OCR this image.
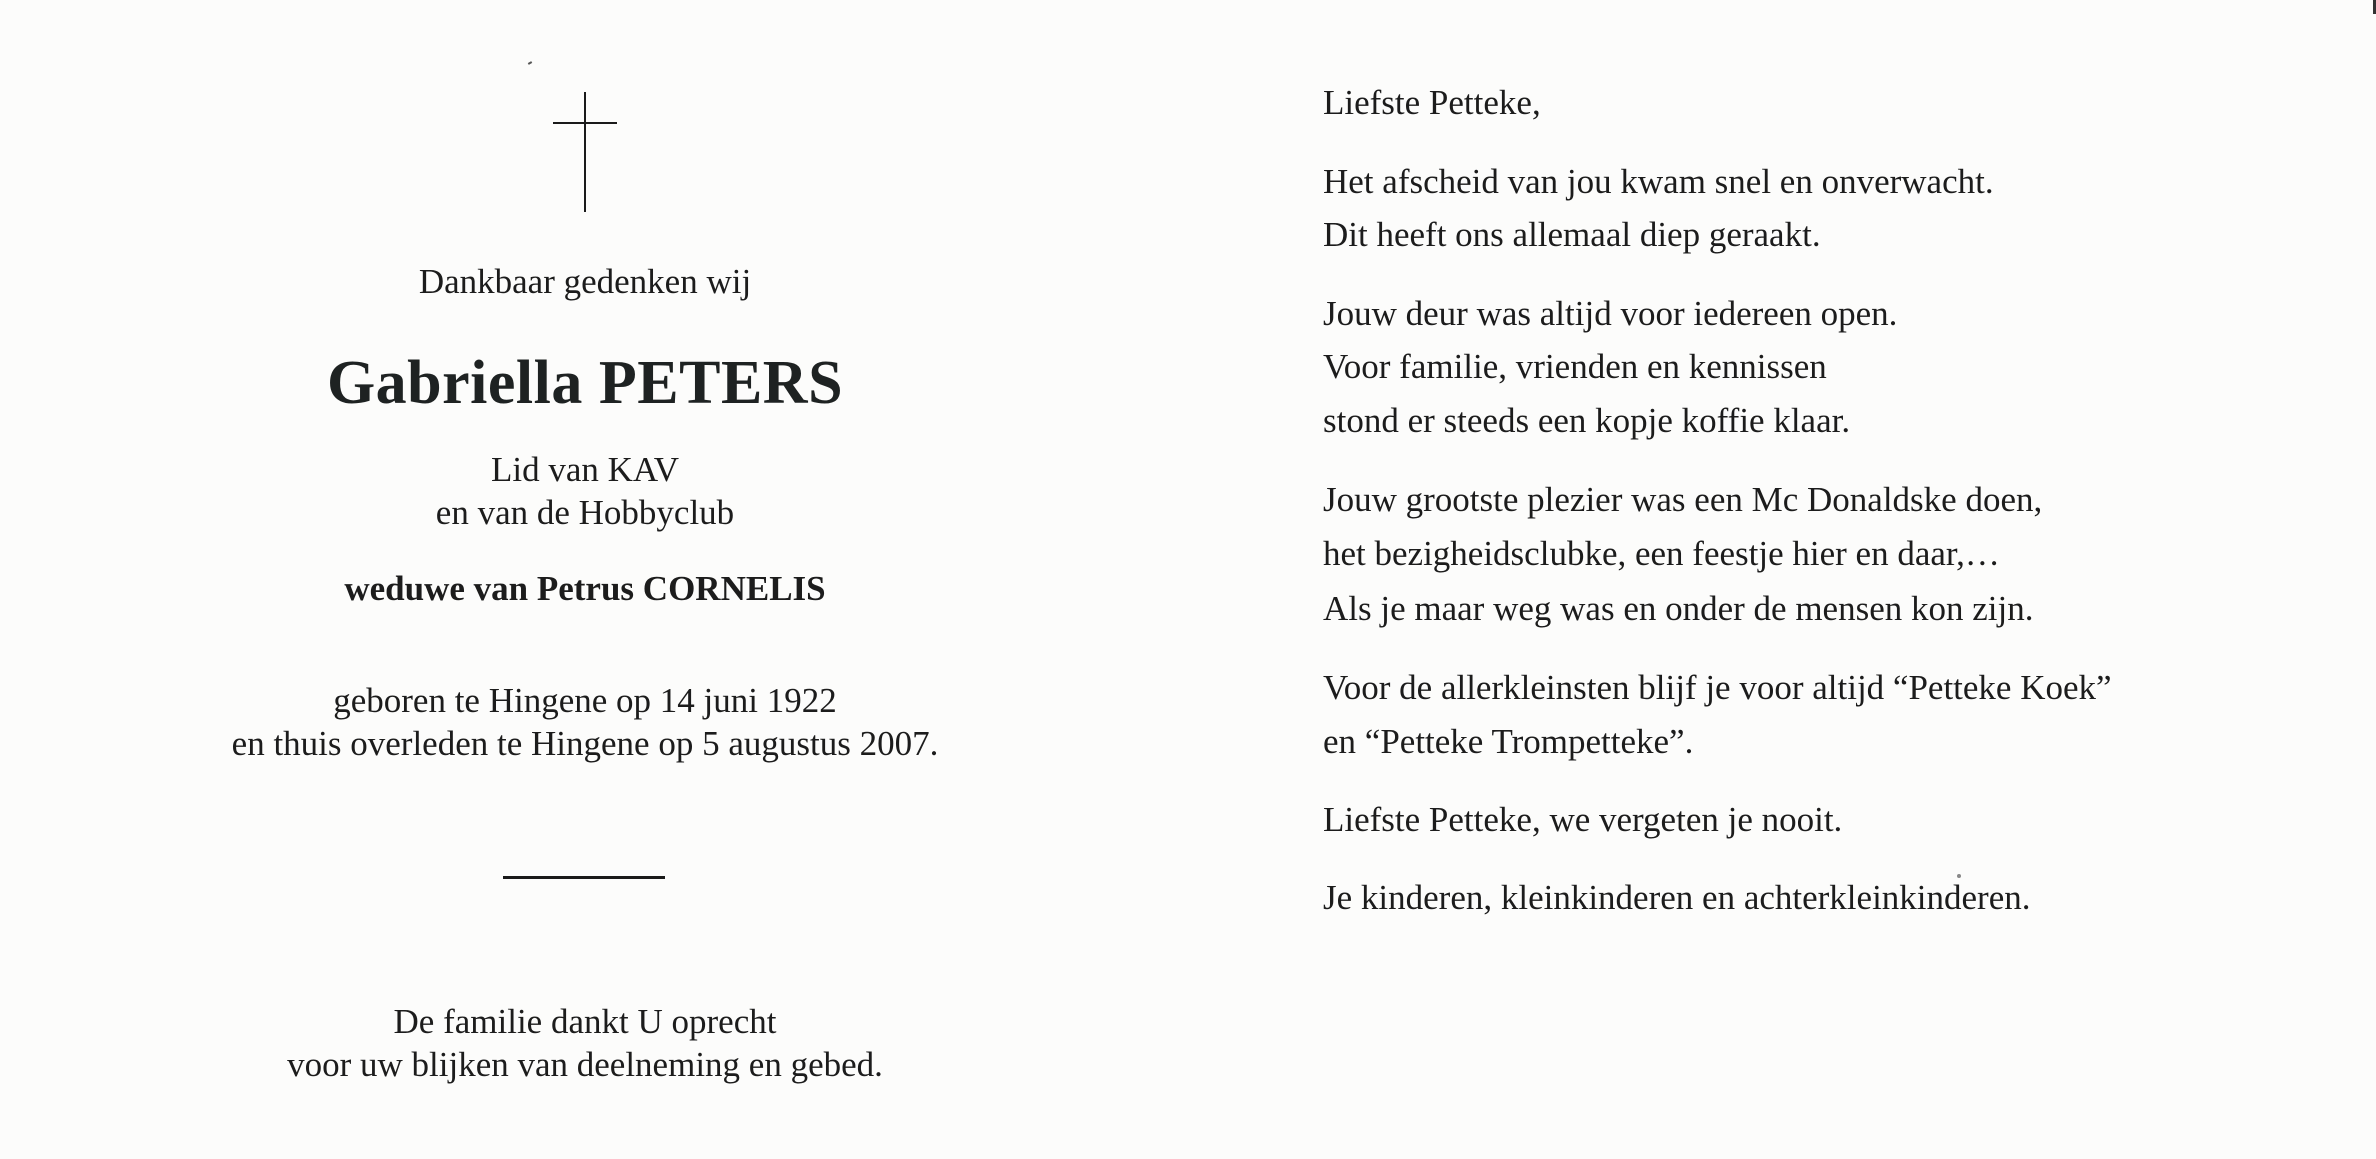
Dankbaar gedenken wij
Gabriella PETERS
Lid van KAV
en van de Hobbyclub
weduwe van Petrus CORNELIS
geboren te Hingene op 14 juni 1922
en thuis overleden te Hingene op 5 augustus 2007.
De familie dankt U oprecht
voor uw blijken van deelneming en gebed.
Liefste Petteke,
Het afscheid van jou kwam snel en onverwacht.
Dit heeft ons allemaal diep geraakt.
Jouw deur was altijd voor iedereen open.
Voor familie, vrienden en kennissen
stond er steeds een kopje koffie klaar.
Jouw grootste plezier was een Mc Donaldske doen,
het bezigheidsclubke, een feestje hier en daar,…
Als je maar weg was en onder de mensen kon zijn.
Voor de allerkleinsten blijf je voor altijd “Petteke Koek”
en “Petteke Trompetteke”.
Liefste Petteke, we vergeten je nooit.
Je kinderen, kleinkinderen en achterkleinkinderen.
